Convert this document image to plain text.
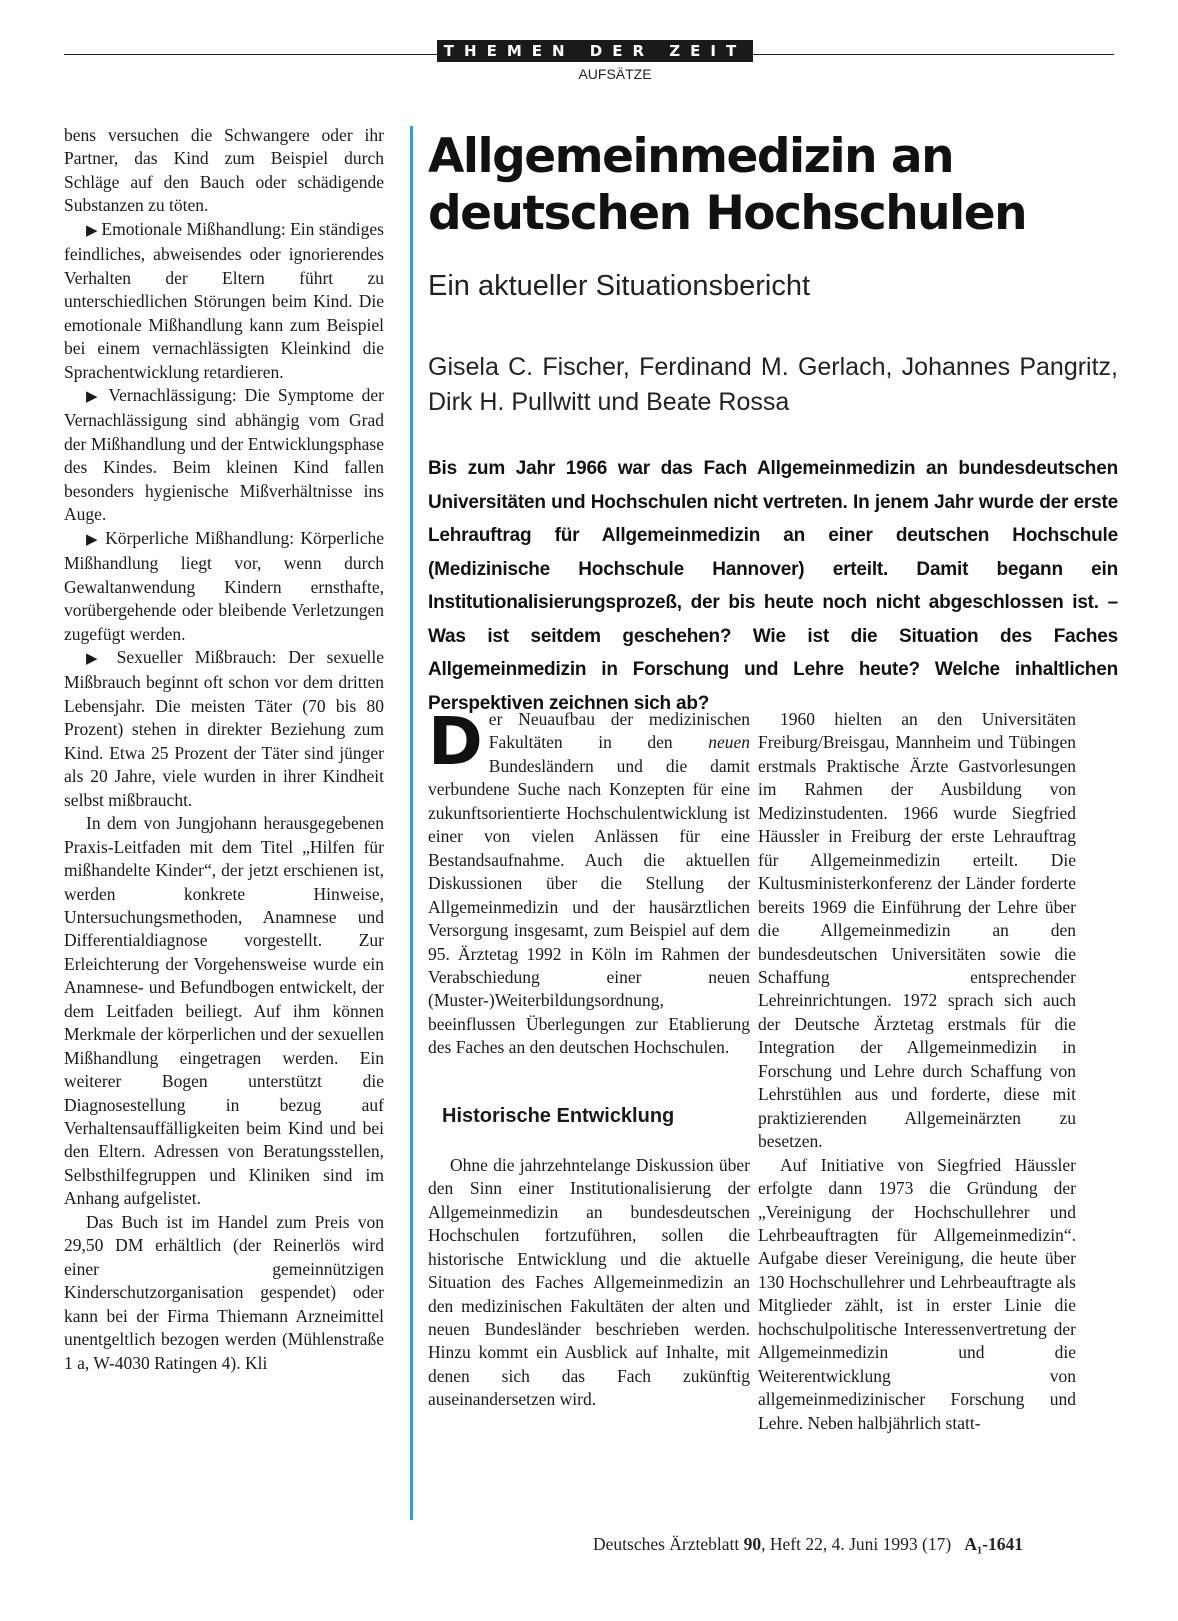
THEMEN DER ZEIT
AUFSÄTZE

bens versuchen die Schwangere oder ihr Partner, das Kind zum Beispiel durch Schläge auf den Bauch oder schädigende Substanzen zu töten.

▶ Emotionale Mißhandlung: Ein ständiges feindliches, abweisendes oder ignorierendes Verhalten der Eltern führt zu unterschiedlichen Störungen beim Kind. Die emotionale Mißhandlung kann zum Beispiel bei einem vernachlässigten Kleinkind die Sprachentwicklung retardieren.

▶ Vernachlässigung: Die Symptome der Vernachlässigung sind abhängig vom Grad der Mißhandlung und der Entwicklungsphase des Kindes. Beim kleinen Kind fallen besonders hygienische Mißverhältnisse ins Auge.

▶ Körperliche Mißhandlung: Körperliche Mißhandlung liegt vor, wenn durch Gewaltanwendung Kindern ernsthafte, vorübergehende oder bleibende Verletzungen zugefügt werden.

▶ Sexueller Mißbrauch: Der sexuelle Mißbrauch beginnt oft schon vor dem dritten Lebensjahr. Die meisten Täter (70 bis 80 Prozent) stehen in direkter Beziehung zum Kind. Etwa 25 Prozent der Täter sind jünger als 20 Jahre, viele wurden in ihrer Kindheit selbst mißbraucht.

In dem von Jungjohann herausgegebenen Praxis-Leitfaden mit dem Titel „Hilfen für mißhandelte Kinder“, der jetzt erschienen ist, werden konkrete Hinweise, Untersuchungsmethoden, Anamnese und Differentialdiagnose vorgestellt. Zur Erleichterung der Vorgehensweise wurde ein Anamnese- und Befundbogen entwickelt, der dem Leitfaden beiliegt. Auf ihm können Merkmale der körperlichen und der sexuellen Mißhandlung eingetragen werden. Ein weiterer Bogen unterstützt die Diagnosestellung in bezug auf Verhaltensauffälligkeiten beim Kind und bei den Eltern. Adressen von Beratungsstellen, Selbsthilfegruppen und Kliniken sind im Anhang aufgelistet.

Das Buch ist im Handel zum Preis von 29,50 DM erhältlich (der Reinerlös wird einer gemeinnützigen Kinderschutzorganisation gespendet) oder kann bei der Firma Thiemann Arzneimittel unentgeltlich bezogen werden (Mühlenstraße 1 a, W-4030 Ratingen 4). Kli

Allgemeinmedizin an deutschen Hochschulen

Ein aktueller Situationsbericht

Gisela C. Fischer, Ferdinand M. Gerlach, Johannes Pangritz, Dirk H. Pullwitt und Beate Rossa

Bis zum Jahr 1966 war das Fach Allgemeinmedizin an bundesdeutschen Universitäten und Hochschulen nicht vertreten. In jenem Jahr wurde der erste Lehrauftrag für Allgemeinmedizin an einer deutschen Hochschule (Medizinische Hochschule Hannover) erteilt. Damit begann ein Institutionalisierungsprozeß, der bis heute noch nicht abgeschlossen ist. – Was ist seitdem geschehen? Wie ist die Situation des Faches Allgemeinmedizin in Forschung und Lehre heute? Welche inhaltlichen Perspektiven zeichnen sich ab?

Der Neuaufbau der medizinischen Fakultäten in den neuen Bundesländern und die damit verbundene Suche nach Konzepten für eine zukunftsorientierte Hochschulentwicklung ist einer von vielen Anlässen für eine Bestandsaufnahme. Auch die aktuellen Diskussionen über die Stellung der Allgemeinmedizin und der hausärztlichen Versorgung insgesamt, zum Beispiel auf dem 95. Ärztetag 1992 in Köln im Rahmen der Verabschiedung einer neuen (Muster-)Weiterbildungsordnung, beeinflussen Überlegungen zur Etablierung des Faches an den deutschen Hochschulen.

Historische Entwicklung

Ohne die jahrzehntelange Diskussion über den Sinn einer Institutionalisierung der Allgemeinmedizin an bundesdeutschen Hochschulen fortzuführen, sollen die historische Entwicklung und die aktuelle Situation des Faches Allgemeinmedizin an den medizinischen Fakultäten der alten und neuen Bundesländer beschrieben werden. Hinzu kommt ein Ausblick auf Inhalte, mit denen sich das Fach zukünftig auseinandersetzen wird.

1960 hielten an den Universitäten Freiburg/Breisgau, Mannheim und Tübingen erstmals Praktische Ärzte Gastvorlesungen im Rahmen der Ausbildung von Medizinstudenten. 1966 wurde Siegfried Häussler in Freiburg der erste Lehrauftrag für Allgemeinmedizin erteilt. Die Kultusministerkonferenz der Länder forderte bereits 1969 die Einführung der Lehre über die Allgemeinmedizin an den bundesdeutschen Universitäten sowie die Schaffung entsprechender Lehreinrichtungen. 1972 sprach sich auch der Deutsche Ärztetag erstmals für die Integration der Allgemeinmedizin in Forschung und Lehre durch Schaffung von Lehrstühlen aus und forderte, diese mit praktizierenden Allgemeinärzten zu besetzen.

Auf Initiative von Siegfried Häussler erfolgte dann 1973 die Gründung der „Vereinigung der Hochschullehrer und Lehrbeauftragten für Allgemeinmedizin“. Aufgabe dieser Vereinigung, die heute über 130 Hochschullehrer und Lehrbeauftragte als Mitglieder zählt, ist in erster Linie die hochschulpolitische Interessenvertretung der Allgemeinmedizin und die Weiterentwicklung von allgemeinmedizinischer Forschung und Lehre. Neben halbjährlich statt-

Deutsches Ärzteblatt 90, Heft 22, 4. Juni 1993 (17) A₁-1641
